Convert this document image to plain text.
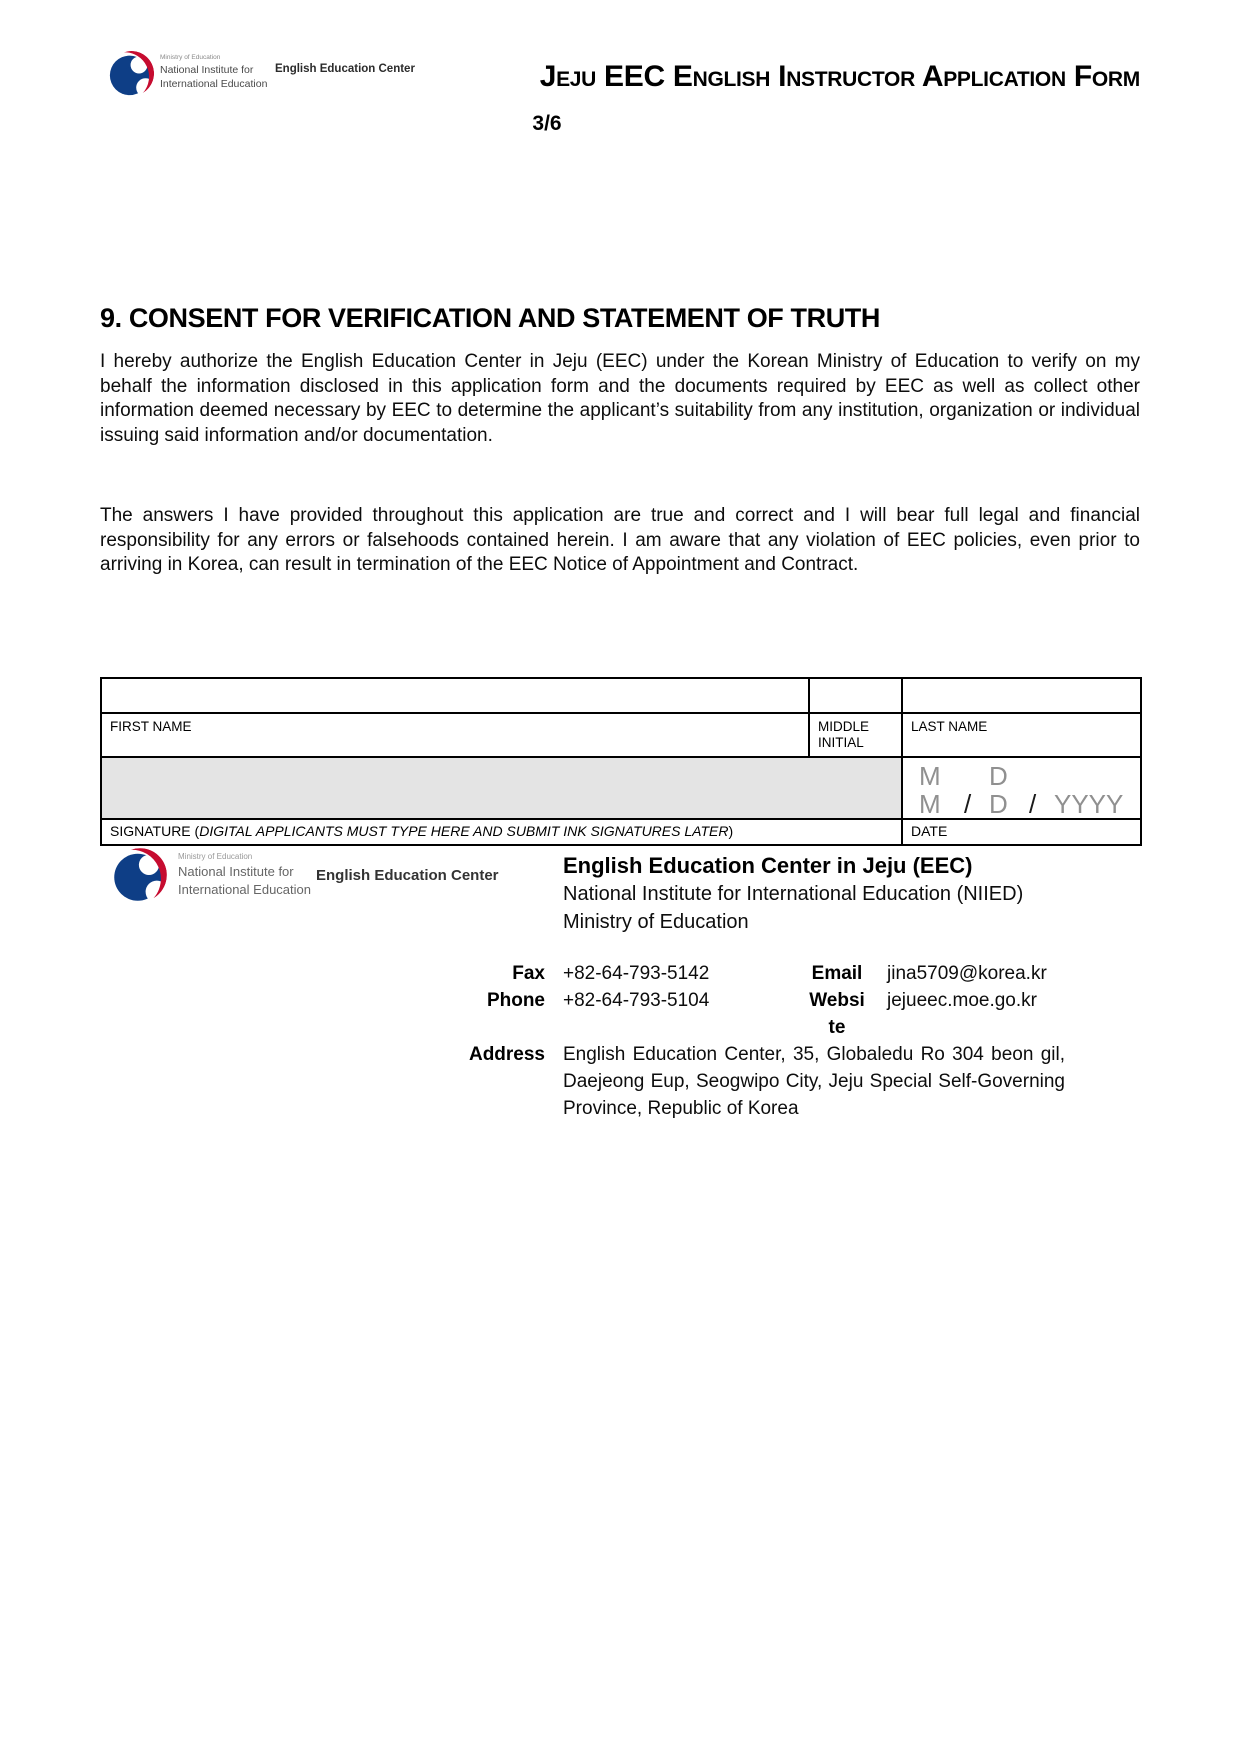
Ministry of Education
National Institute for
International Education
English Education Center	Jeju EEC English Instructor Application Form
3/6
9. CONSENT FOR VERIFICATION AND STATEMENT OF TRUTH
I hereby authorize the English Education Center in Jeju (EEC) under the Korean Ministry of Education to verify on my behalf the information disclosed in this application form and the documents required by EEC as well as collect other information deemed necessary by EEC to determine the applicant’s suitability from any institution, organization or individual issuing said information and/or documentation.
The answers I have provided throughout this application are true and correct and I will bear full legal and financial responsibility for any errors or falsehoods contained herein. I am aware that any violation of EEC policies, even prior to arriving in Korea, can result in termination of the EEC Notice of Appointment and Contract.

FIRST NAME	MIDDLE INITIAL	LAST NAME

		M D
M / D / YYYY

SIGNATURE (DIGITAL APPLICANTS MUST TYPE HERE AND SUBMIT INK SIGNATURES LATER)		DATE
Ministry of Education
National Institute for
International Education
English Education Center	English Education Center in Jeju (EEC)
National Institute for International Education (NIIED)
Ministry of Education
Fax +82-64-793-5142	Email	jina5709@korea.kr
Phone +82-64-793-5104	Website
jejueec.moe.go.kr
Address English Education Center, 35, Globaledu Ro 304 beon gil, Daejeong Eup, Seogwipo City, Jeju Special Self-Governing Province, Republic of Korea
